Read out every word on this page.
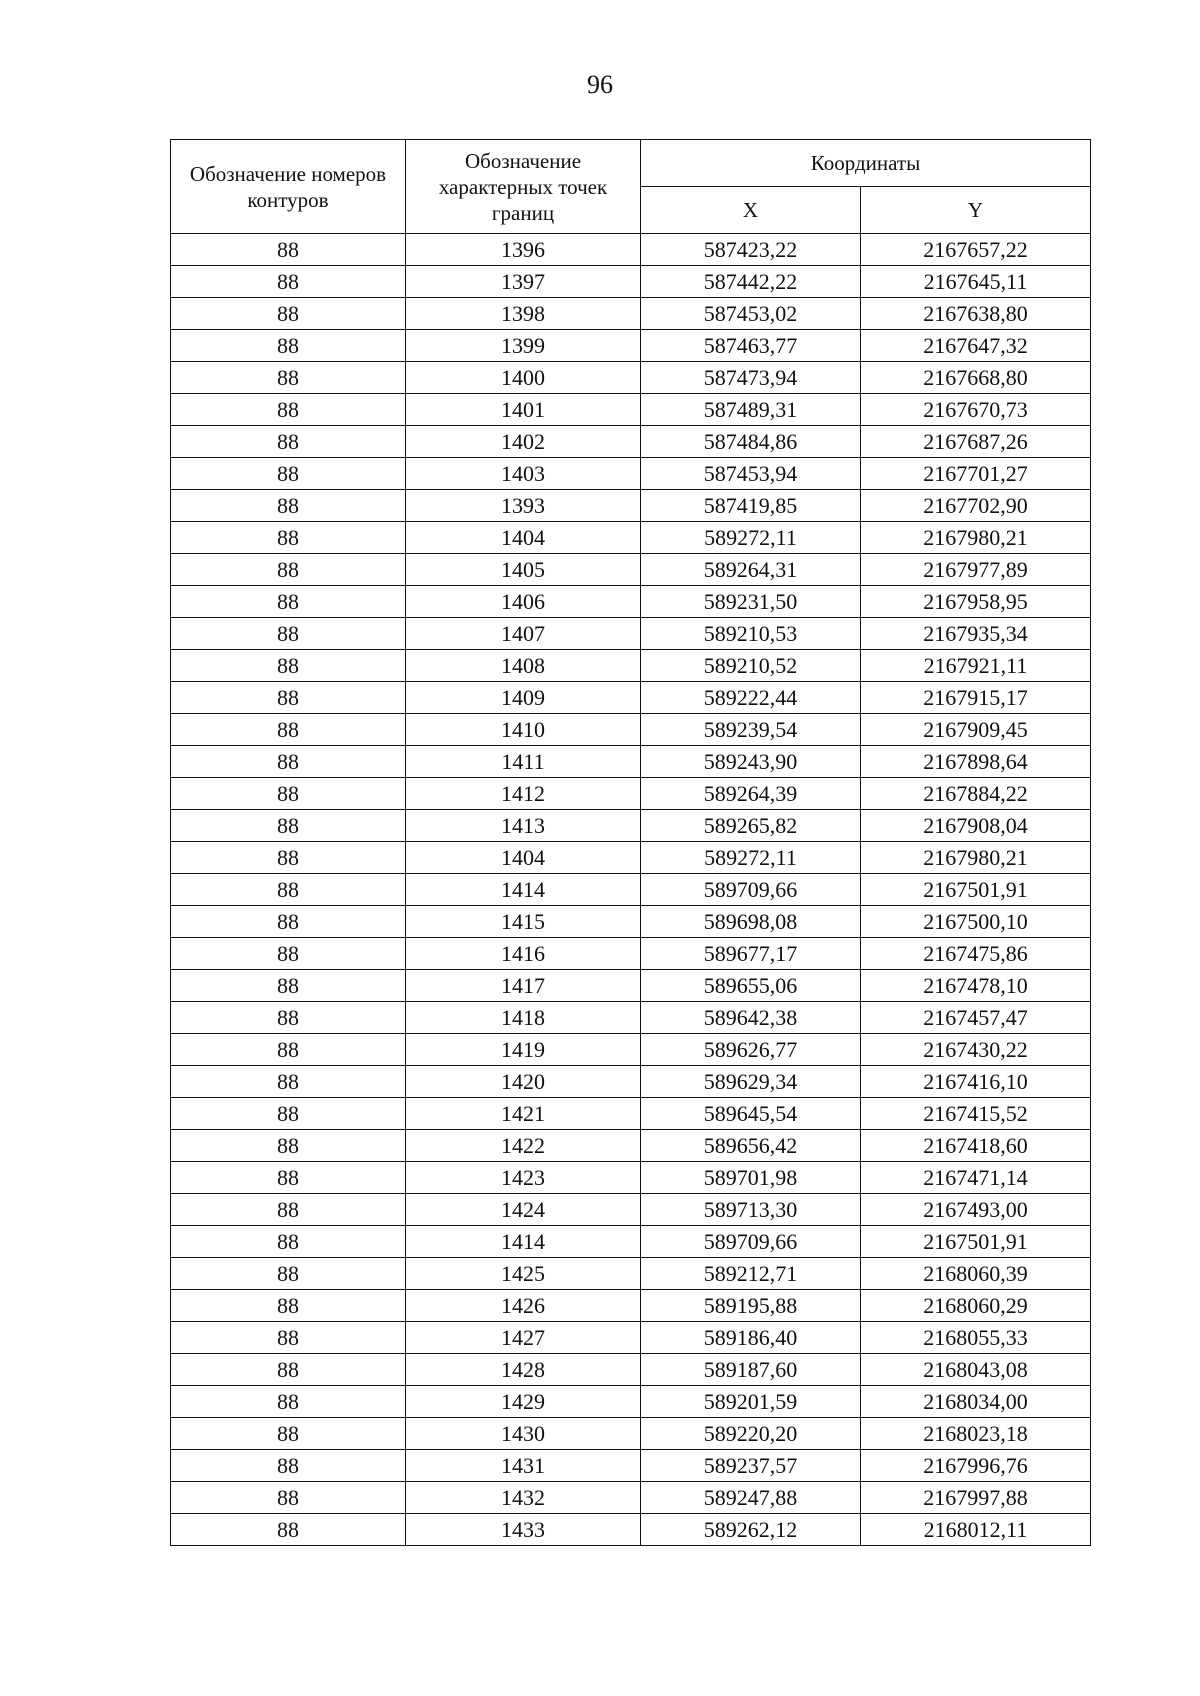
96
Обозначение номеров контуров	Обозначение характерных точек границ	Координаты	
		X	Y
88	1396	587423,22	2167657,22
88	1397	587442,22	2167645,11
88	1398	587453,02	2167638,80
88	1399	587463,77	2167647,32
88	1400	587473,94	2167668,80
88	1401	587489,31	2167670,73
88	1402	587484,86	2167687,26
88	1403	587453,94	2167701,27
88	1393	587419,85	2167702,90
88	1404	589272,11	2167980,21
88	1405	589264,31	2167977,89
88	1406	589231,50	2167958,95
88	1407	589210,53	2167935,34
88	1408	589210,52	2167921,11
88	1409	589222,44	2167915,17
88	1410	589239,54	2167909,45
88	1411	589243,90	2167898,64
88	1412	589264,39	2167884,22
88	1413	589265,82	2167908,04
88	1404	589272,11	2167980,21
88	1414	589709,66	2167501,91
88	1415	589698,08	2167500,10
88	1416	589677,17	2167475,86
88	1417	589655,06	2167478,10
88	1418	589642,38	2167457,47
88	1419	589626,77	2167430,22
88	1420	589629,34	2167416,10
88	1421	589645,54	2167415,52
88	1422	589656,42	2167418,60
88	1423	589701,98	2167471,14
88	1424	589713,30	2167493,00
88	1414	589709,66	2167501,91
88	1425	589212,71	2168060,39
88	1426	589195,88	2168060,29
88	1427	589186,40	2168055,33
88	1428	589187,60	2168043,08
88	1429	589201,59	2168034,00
88	1430	589220,20	2168023,18
88	1431	589237,57	2167996,76
88	1432	589247,88	2167997,88
88	1433	589262,12	2168012,11
